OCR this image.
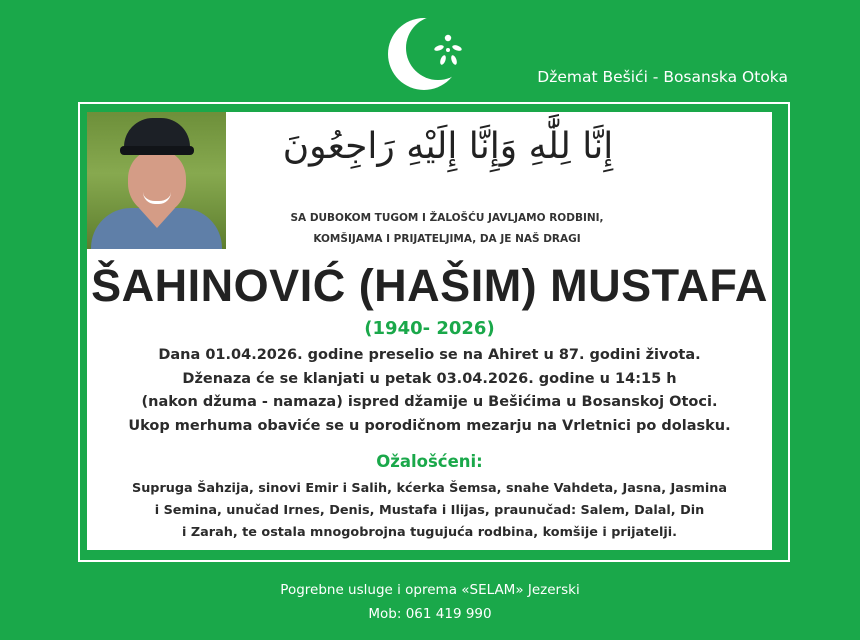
Džemat Bešići - Bosanska Otoka
إِنَّا لِلَّٰهِ وَإِنَّا إِلَيْهِ رَاجِعُونَ
SA DUBOKOM TUGOM I ŽALOŠĆU JAVLJAMO RODBINI,
KOMŠIJAMA I PRIJATELJIMA, DA JE NAŠ DRAGI
ŠAHINOVIĆ (HAŠIM) MUSTAFA
(1940- 2026)
Dana 01.04.2026. godine preselio se na Ahiret u 87. godini života.
Dženaza će se klanjati u petak 03.04.2026. godine u 14:15 h
(nakon džuma - namaza) ispred džamije u Bešićima u Bosanskoj Otoci.
Ukop merhuma obaviće se u porodičnom mezarju na Vrletnici po dolasku.
Ožalošćeni:
Supruga Šahzija, sinovi Emir i Salih, kćerka Šemsa, snahe Vahdeta, Jasna, Jasmina
i Semina, unučad Irnes, Denis, Mustafa i Ilijas, praunučad: Salem, Dalal, Din
i Zarah, te ostala mnogobrojna tugujuća rodbina, komšije i prijatelji.
Pogrebne usluge i oprema «SELAM» Jezerski
Mob: 061 419 990
